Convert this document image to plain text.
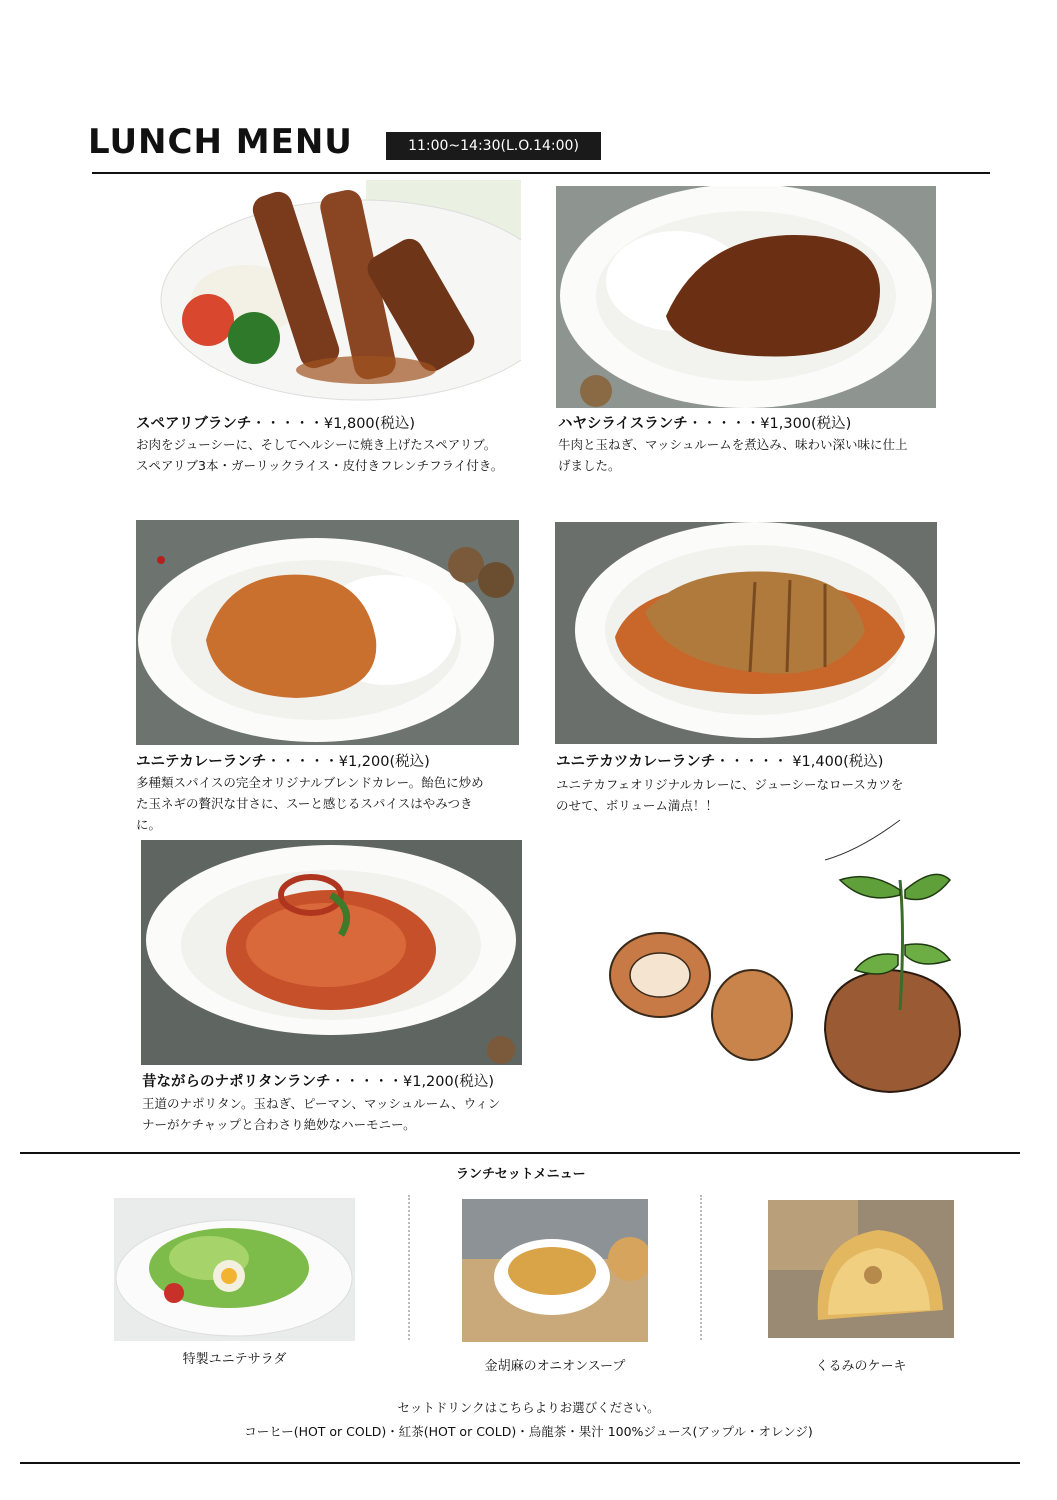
LUNCH MENU	11:00~14:30(L.O.14:00)
スペアリブランチ・・・・・¥1,800(税込)
お肉をジューシーに、そしてヘルシーに焼き上げたスペアリブ。
スペアリブ3本・ガーリックライス・皮付きフレンチフライ付き。
ハヤシライスランチ・・・・・¥1,300(税込)
牛肉と玉ねぎ、マッシュルームを煮込み、味わい深い味に仕上
げました。
ユニテカレーランチ・・・・・¥1,200(税込)
多種類スパイスの完全オリジナルブレンドカレー。飴色に炒め
た玉ネギの贅沢な甘さに、スーと感じるスパイスはやみつき
に。
ユニテカツカレーランチ・・・・・ ¥1,400(税込)
ユニテカフェオリジナルカレーに、ジューシーなロースカツを
のせて、ボリューム満点！！
昔ながらのナポリタンランチ・・・・・¥1,200(税込)
王道のナポリタン。玉ねぎ、ピーマン、マッシュルーム、ウィン
ナーがケチャップと合わさり絶妙なハーモニー。
ランチセットメニュー
特製ユニテサラダ	金胡麻のオニオンスープ	くるみのケーキ
セットドリンクはこちらよりお選びください。
コーヒー(HOT or COLD)・紅茶(HOT or COLD)・烏龍茶・果汁 100%ジュース(アップル・オレンジ)
